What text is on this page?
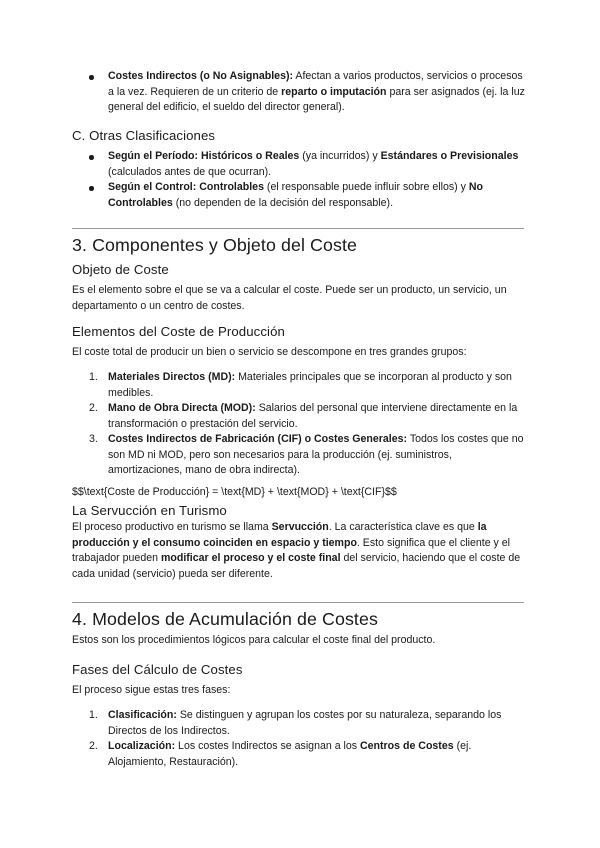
Costes Indirectos (o No Asignables): Afectan a varios productos, servicios o procesos a la vez. Requieren de un criterio de reparto o imputación para ser asignados (ej. la luz general del edificio, el sueldo del director general).
C. Otras Clasificaciones
Según el Período: Históricos o Reales (ya incurridos) y Estándares o Previsionales (calculados antes de que ocurran).
Según el Control: Controlables (el responsable puede influir sobre ellos) y No Controlables (no dependen de la decisión del responsable).
3. Componentes y Objeto del Coste
Objeto de Coste

Es el elemento sobre el que se va a calcular el coste. Puede ser un producto, un servicio, un departamento o un centro de costes.

Elementos del Coste de Producción

El coste total de producir un bien o servicio se descompone en tres grandes grupos:

1. Materiales Directos (MD): Materiales principales que se incorporan al producto y son medibles.
2. Mano de Obra Directa (MOD): Salarios del personal que interviene directamente en la transformación o prestación del servicio.
3. Costes Indirectos de Fabricación (CIF) o Costes Generales: Todos los costes que no son MD ni MOD, pero son necesarios para la producción (ej. suministros, amortizaciones, mano de obra indirecta).

$$\text{Coste de Producción} = \text{MD} + \text{MOD} + \text{CIF}$$

La Servucción en Turismo

El proceso productivo en turismo se llama Servucción. La característica clave es que la producción y el consumo coinciden en espacio y tiempo. Esto significa que el cliente y el trabajador pueden modificar el proceso y el coste final del servicio, haciendo que el coste de cada unidad (servicio) pueda ser diferente.

4. Modelos de Acumulación de Costes

Estos son los procedimientos lógicos para calcular el coste final del producto.

Fases del Cálculo de Costes

El proceso sigue estas tres fases:

1. Clasificación: Se distinguen y agrupan los costes por su naturaleza, separando los Directos de los Indirectos.
2. Localización: Los costes Indirectos se asignan a los Centros de Costes (ej. Alojamiento, Restauración).
